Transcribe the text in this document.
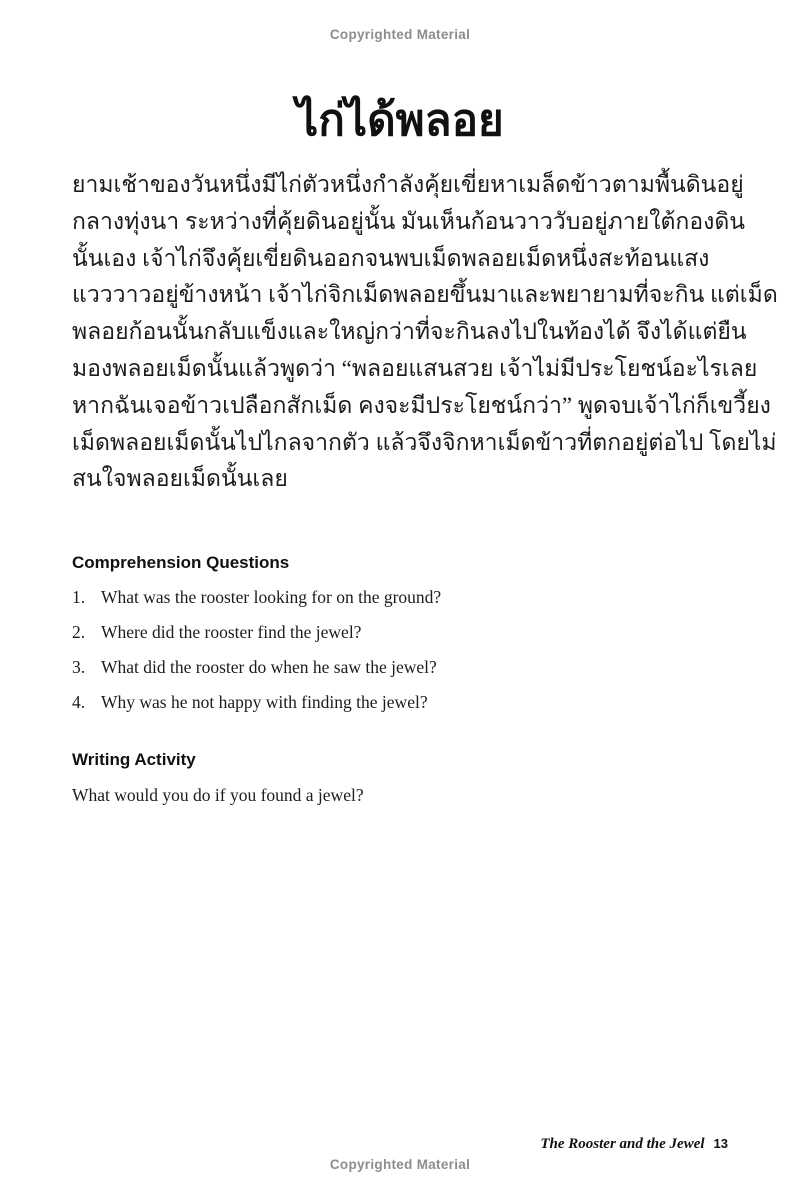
Copyrighted Material
ไก่ได้พลอย
ยามเช้าของวันหนึ่งมีไก่ตัวหนึ่งกำลังคุ้ยเขี่ยหาเมล็ดข้าวตามพื้นดินอยู่
กลางทุ่งนา ระหว่างที่คุ้ยดินอยู่นั้น มันเห็นก้อนวาววับอยู่ภายใต้กองดิน
นั้นเอง เจ้าไก่จึงคุ้ยเขี่ยดินออกจนพบเม็ดพลอยเม็ดหนึ่งสะท้อนแสง
แวววาวอยู่ข้างหน้า เจ้าไก่จิกเม็ดพลอยขึ้นมาและพยายามที่จะกิน แต่เม็ด
พลอยก้อนนั้นกลับแข็งและใหญ่กว่าที่จะกินลงไปในท้องได้ จึงได้แต่ยืน
มองพลอยเม็ดนั้นแล้วพูดว่า “พลอยแสนสวย เจ้าไม่มีประโยชน์อะไรเลย
หากฉันเจอข้าวเปลือกสักเม็ด คงจะมีประโยชน์กว่า” พูดจบเจ้าไก่ก็เขวี้ยง
เม็ดพลอยเม็ดนั้นไปไกลจากตัว แล้วจึงจิกหาเม็ดข้าวที่ตกอยู่ต่อไป โดยไม่
สนใจพลอยเม็ดนั้นเลย
Comprehension Questions
1. What was the rooster looking for on the ground?
2. Where did the rooster find the jewel?
3. What did the rooster do when he saw the jewel?
4. Why was he not happy with finding the jewel?
Writing Activity
What would you do if you found a jewel?
The Rooster and the Jewel 13
Copyrighted Material
